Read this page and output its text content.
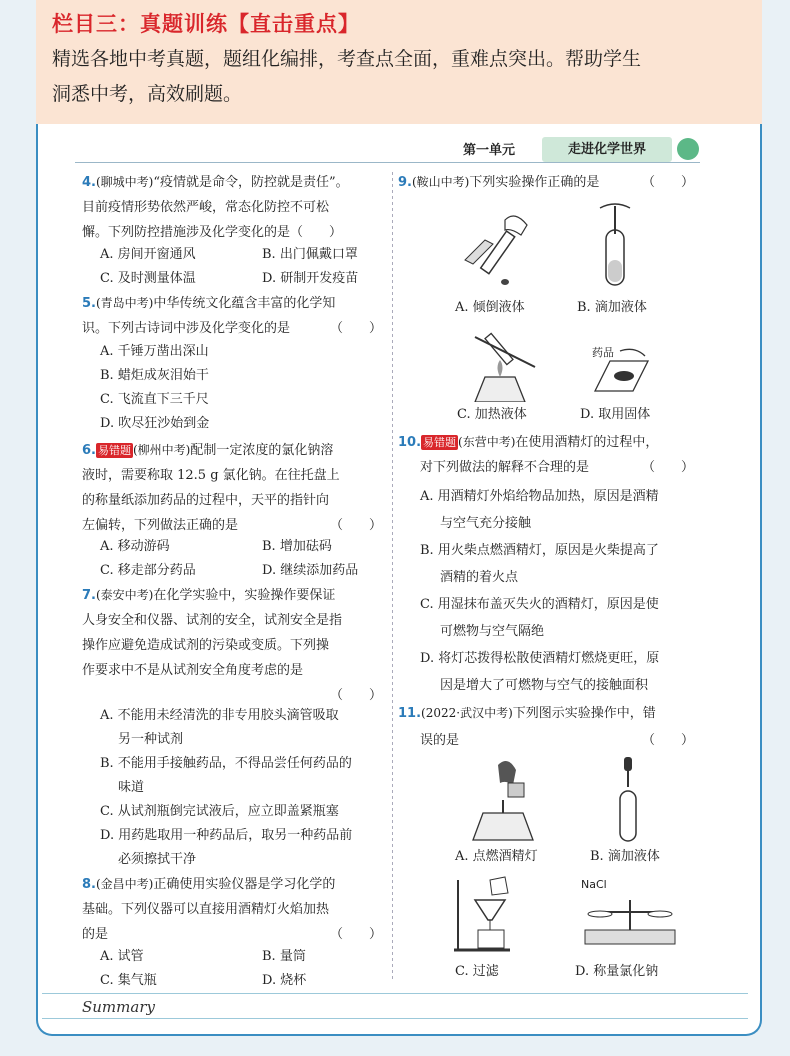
栏目三：真题训练【直击重点】
精选各地中考真题，题组化编排，考查点全面，重难点突出。帮助学生
洞悉中考，高效刷题。
第一单元	走进化学世界
4.(聊城中考)“疫情就是命令，防控就是责任”。
目前疫情形势依然严峻，常态化防控不可松
懈。下列防控措施涉及化学变化的是（　　）
A. 房间开窗通风	B. 出门佩戴口罩
C. 及时测量体温	D. 研制开发疫苗
5.(青岛中考)中华传统文化蕴含丰富的化学知
识。下列古诗词中涉及化学变化的是	（　　）
A. 千锤万凿出深山
B. 蜡炬成灰泪始干
C. 飞流直下三千尺
D. 吹尽狂沙始到金
6. 易错题 (柳州中考)配制一定浓度的氯化钠溶
液时，需要称取 12.5 g 氯化钠。在往托盘上
的称量纸添加药品的过程中，天平的指针向
左偏转，下列做法正确的是	（　　）
A. 移动游码	B. 增加砝码
C. 移走部分药品	D. 继续添加药品
7.(泰安中考)在化学实验中，实验操作要保证
人身安全和仪器、试剂的安全，试剂安全是指
操作应避免造成试剂的污染或变质。下列操
作要求中不是从试剂安全角度考虑的是

（　　）
A. 不能用未经清洗的非专用胶头滴管吸取
另一种试剂
B. 不能用手接触药品，不得品尝任何药品的
味道
C. 从试剂瓶倒完试液后，应立即盖紧瓶塞
D. 用药匙取用一种药品后，取另一种药品前
必须擦拭干净
8.(金昌中考)正确使用实验仪器是学习化学的
基础。下列仪器可以直接用酒精灯火焰加热
的是	（　　）
A. 试管	B. 量筒
C. 集气瓶	D. 烧杯
9.(鞍山中考)下列实验操作正确的是	（　　）
A. 倾倒液体	B. 滴加液体
药品
C. 加热液体	D. 取用固体
10. 易错题 (东营中考)在使用酒精灯的过程中，
对下列做法的解释不合理的是	（　　）
A. 用酒精灯外焰给物品加热，原因是酒精
与空气充分接触
B. 用火柴点燃酒精灯，原因是火柴提高了
酒精的着火点
C. 用湿抹布盖灭失火的酒精灯，原因是使
可燃物与空气隔绝
D. 将灯芯拨得松散使酒精灯燃烧更旺，原
因是增大了可燃物与空气的接触面积
11.(2022·武汉中考)下列图示实验操作中，错
误的是	（　　）
A. 点燃酒精灯	B. 滴加液体
NaCl
C. 过滤	D. 称量氯化钠
Summary
